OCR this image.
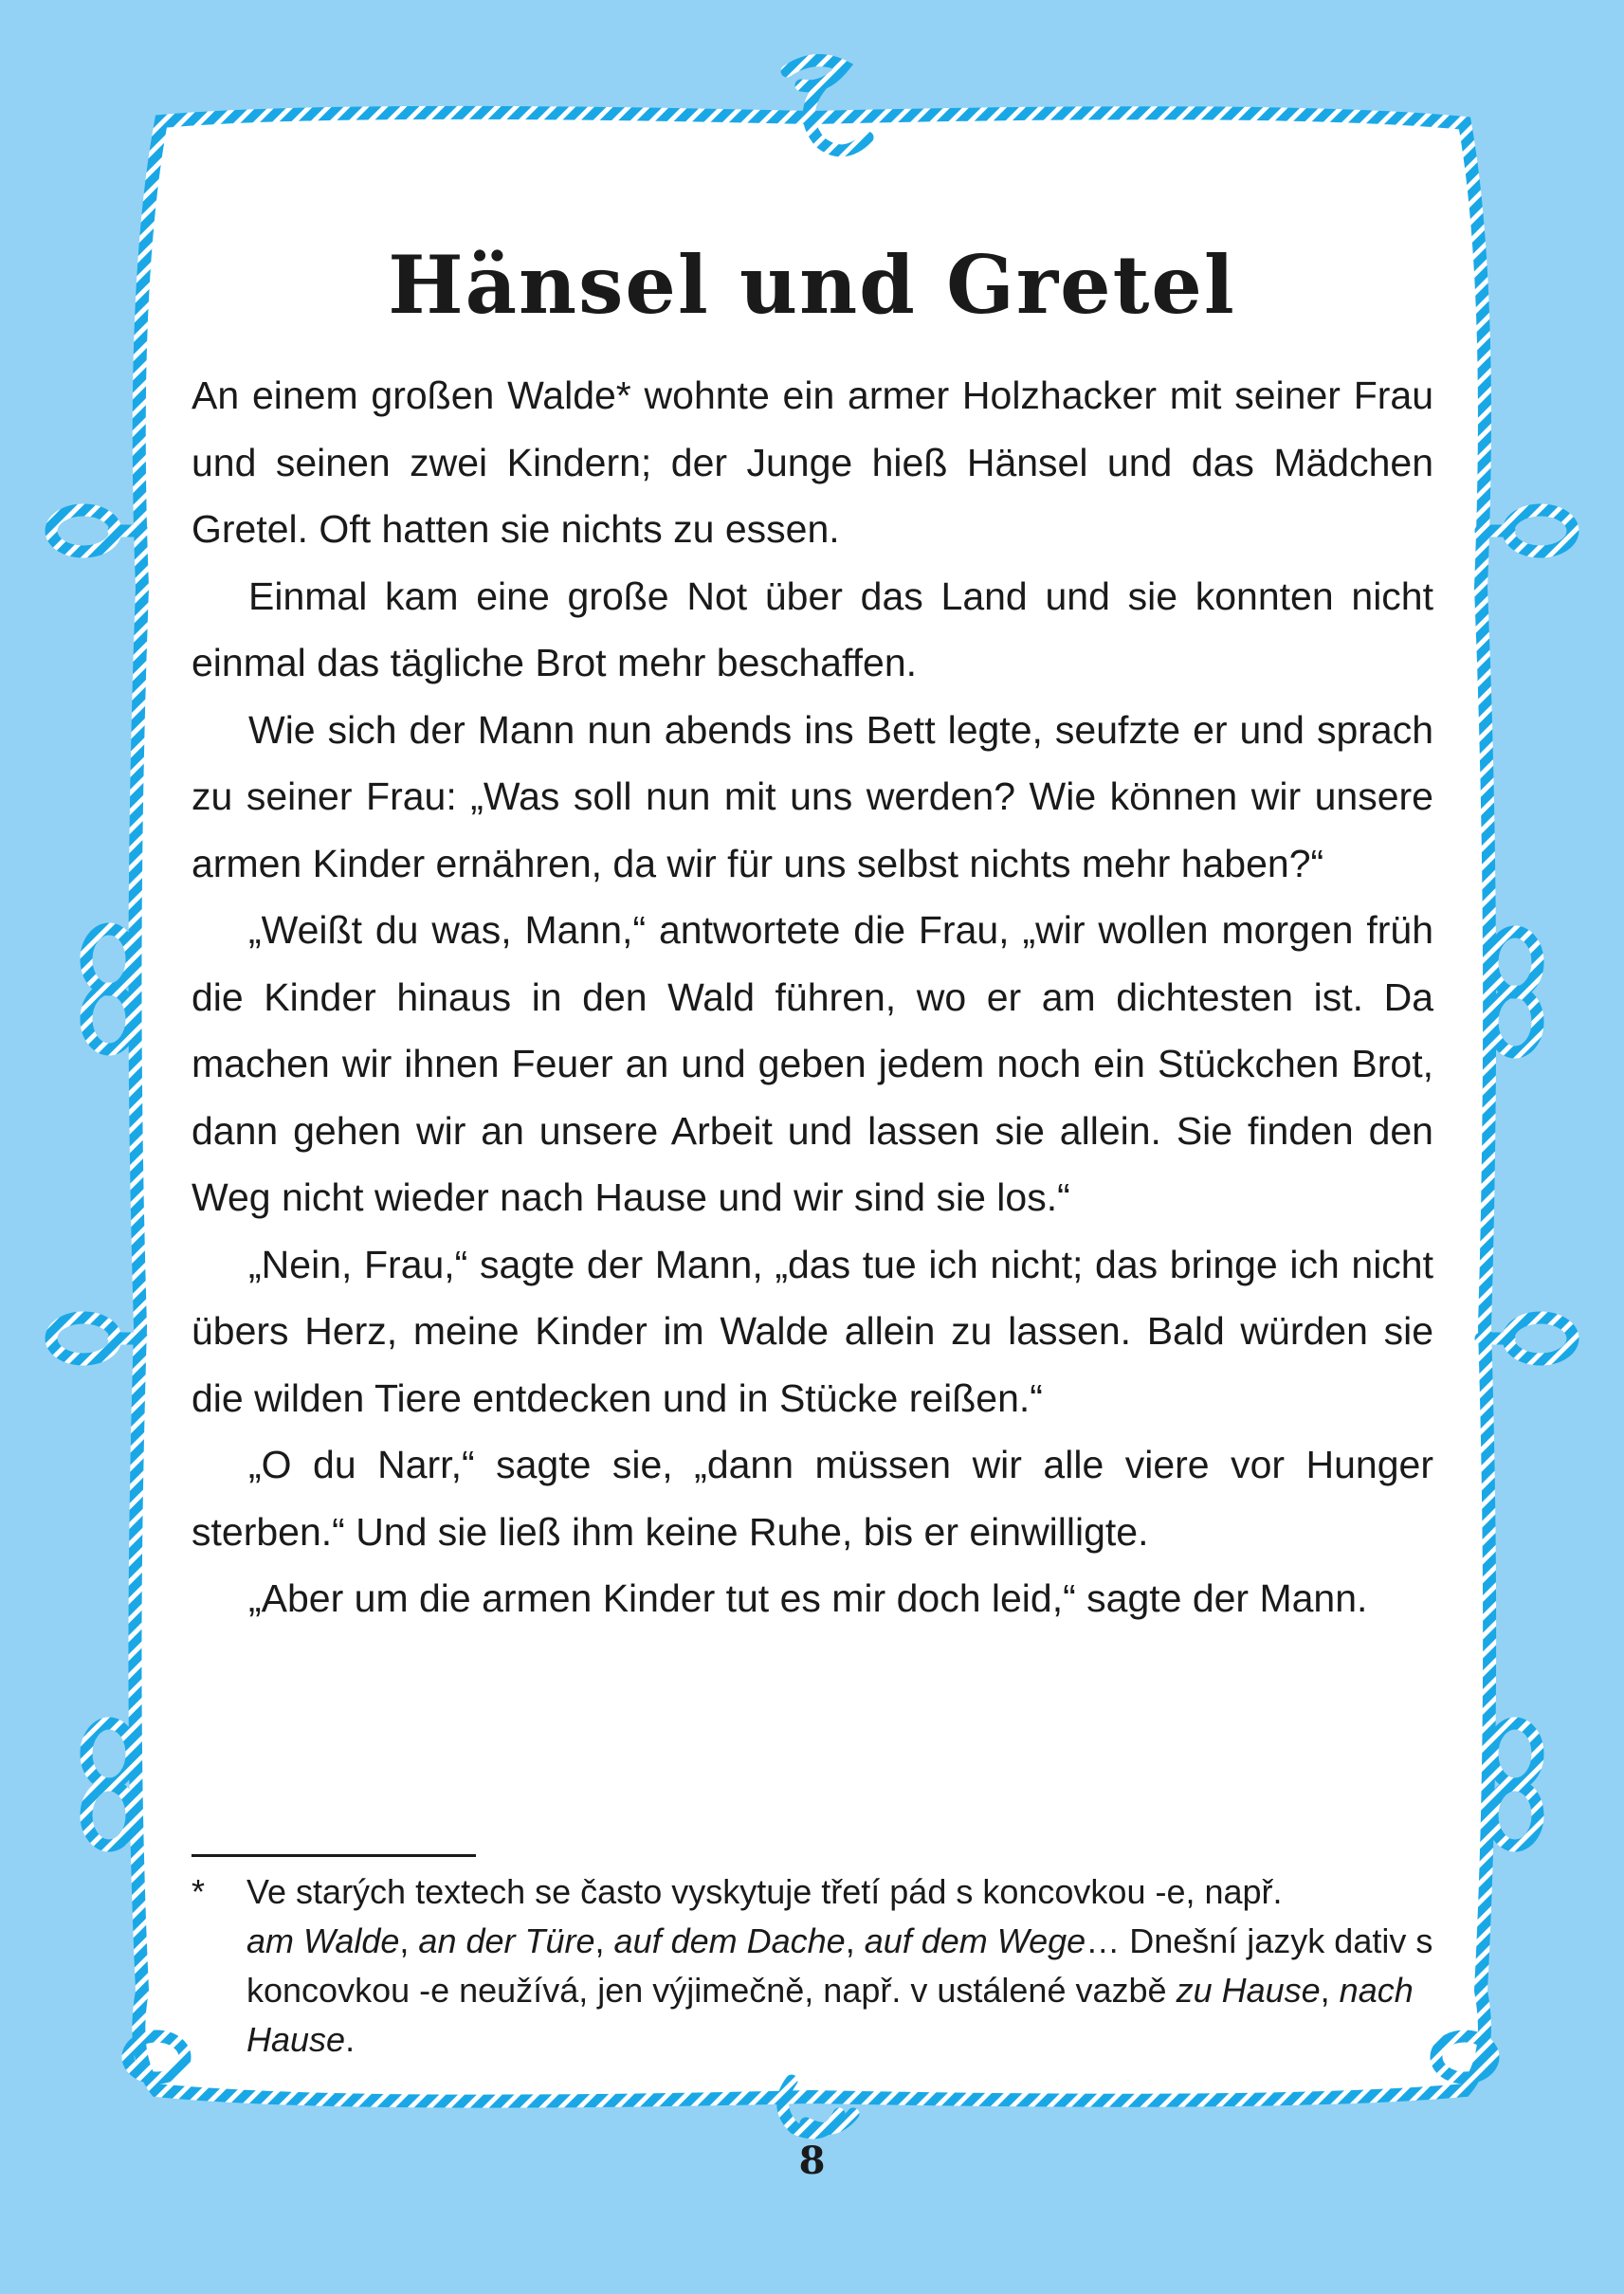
Hänsel und Gretel

An einem großen Walde* wohnte ein armer Holzhacker mit seiner Frau und seinen zwei Kindern; der Junge hieß Hänsel und das Mädchen Gretel. Oft hatten sie nichts zu essen.

Einmal kam eine große Not über das Land und sie konnten nicht einmal das tägliche Brot mehr beschaffen.

Wie sich der Mann nun abends ins Bett legte, seufzte er und sprach zu seiner Frau: „Was soll nun mit uns werden? Wie können wir unsere armen Kinder ernähren, da wir für uns selbst nichts mehr haben?“

„Weißt du was, Mann,“ antwortete die Frau, „wir wollen morgen früh die Kinder hinaus in den Wald führen, wo er am dichtesten ist. Da machen wir ihnen Feuer an und geben jedem noch ein Stückchen Brot, dann gehen wir an unsere Arbeit und lassen sie allein. Sie finden den Weg nicht wieder nach Hause und wir sind sie los.“

„Nein, Frau,“ sagte der Mann, „das tue ich nicht; das bringe ich nicht übers Herz, meine Kinder im Walde allein zu lassen. Bald würden sie die wilden Tiere entdecken und in Stücke reißen.“

„O du Narr,“ sagte sie, „dann müssen wir alle viere vor Hunger sterben.“ Und sie ließ ihm keine Ruhe, bis er einwilligte.

„Aber um die armen Kinder tut es mir doch leid,“ sagte der Mann.

*	Ve starých textech se často vyskytuje třetí pád s koncovkou -e, např.
am Walde, an der Türe, auf dem Dache, auf dem Wege… Dnešní jazyk dativ s koncovkou -e neužívá, jen výjimečně, např. v ustálené vazbě zu Hause, nach Hause.
8
